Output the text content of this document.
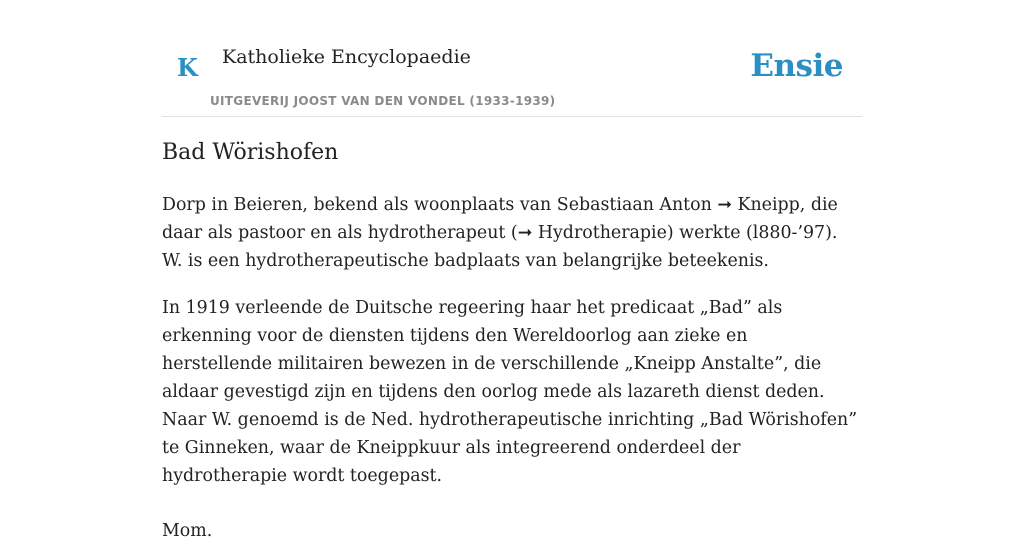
K Katholieke Encyclopaedie
UITGEVERIJ JOOST VAN DEN VONDEL (1933-1939)
Ensie
Bad Wörishofen

Dorp in Beieren, bekend als woonplaats van Sebastiaan Anton ➞ Kneipp, die daar als pastoor en als hydrotherapeut (➞ Hydrotherapie) werkte (l880-’97). W. is een hydrotherapeutische badplaats van belangrijke beteekenis.

In 1919 verleende de Duitsche regeering haar het predicaat „Bad” als erkenning voor de diensten tijdens den Wereldoorlog aan zieke en herstellende militairen bewezen in de verschillende „Kneipp Anstalte”, die aldaar gevestigd zijn en tijdens den oorlog mede als lazareth dienst deden. Naar W. genoemd is de Ned. hydrotherapeutische inrichting „Bad Wörishofen” te Ginneken, waar de Kneippkuur als integreerend onderdeel der hydrotherapie wordt toegepast.

Mom.
